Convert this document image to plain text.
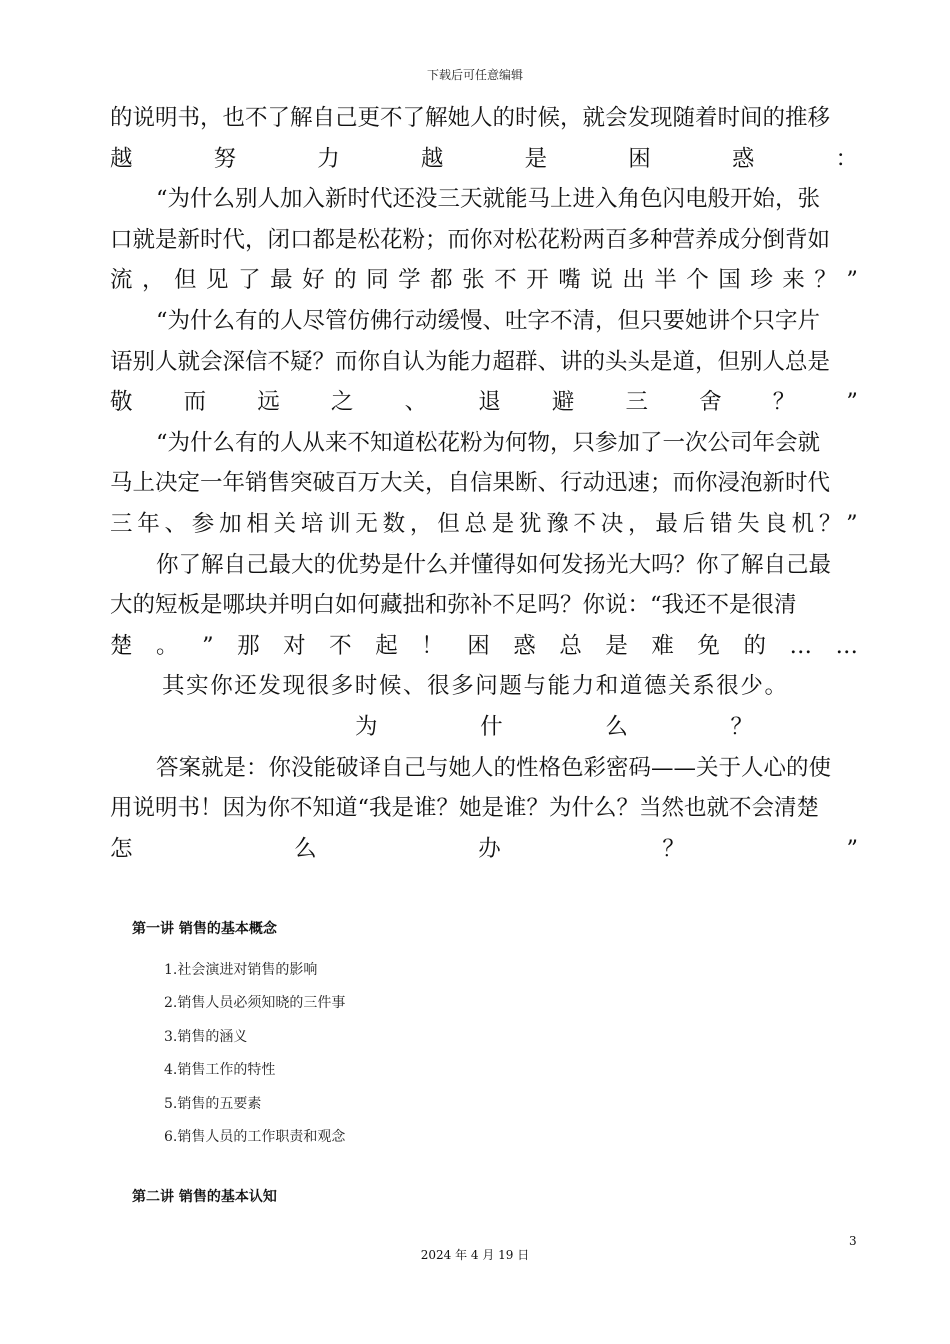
下载后可任意编辑
的说明书，也不了解自己更不了解她人的时候，就会发现随着时间的推移
越	努	力	越	是	困	惑	：
“为什么别人加入新时代还没三天就能马上进入角色闪电般开始，张
口就是新时代，闭口都是松花粉；而你对松花粉两百多种营养成分倒背如
流 ， 但 见 了 最 好 的 同 学 都 张 不 开 嘴 说 出 半 个 国 珍 来 ？ ”
“为什么有的人尽管仿佛行动缓慢、吐字不清，但只要她讲个只字片
语别人就会深信不疑？而你自认为能力超群、讲的头头是道，但别人总是
敬 而 远 之 、 退 避 三 舍 ？ ”
“为什么有的人从来不知道松花粉为何物，只参加了一次公司年会就
马上决定一年销售突破百万大关，自信果断、行动迅速；而你浸泡新时代
三 年 、 参 加 相 关 培 训 无 数 ， 但 总 是 犹 豫 不 决 ， 最 后 错 失 良 机 ？ ”
你了解自己最大的优势是什么并懂得如何发扬光大吗？你了解自己最
大的短板是哪块并明白如何藏拙和弥补不足吗？你说：“我还不是很清
楚 。 ” 那 对 不 起 ！ 困 惑 总 是 难 免 的 … …
其实你还发现很多时候、很多问题与能力和道德关系很少。
为	什	么	？
答案就是：你没能破译自己与她人的性格色彩密码——关于人心的使
用说明书！因为你不知道“我是谁？她是谁？为什么？当然也就不会清楚
怎	么	办	？	”
第一讲 销售的基本概念
1.社会演进对销售的影响
2.销售人员必须知晓的三件事
3.销售的涵义
4.销售工作的特性
5.销售的五要素
6.销售人员的工作职责和观念
第二讲 销售的基本认知
3
2024 年 4 月 19 日
